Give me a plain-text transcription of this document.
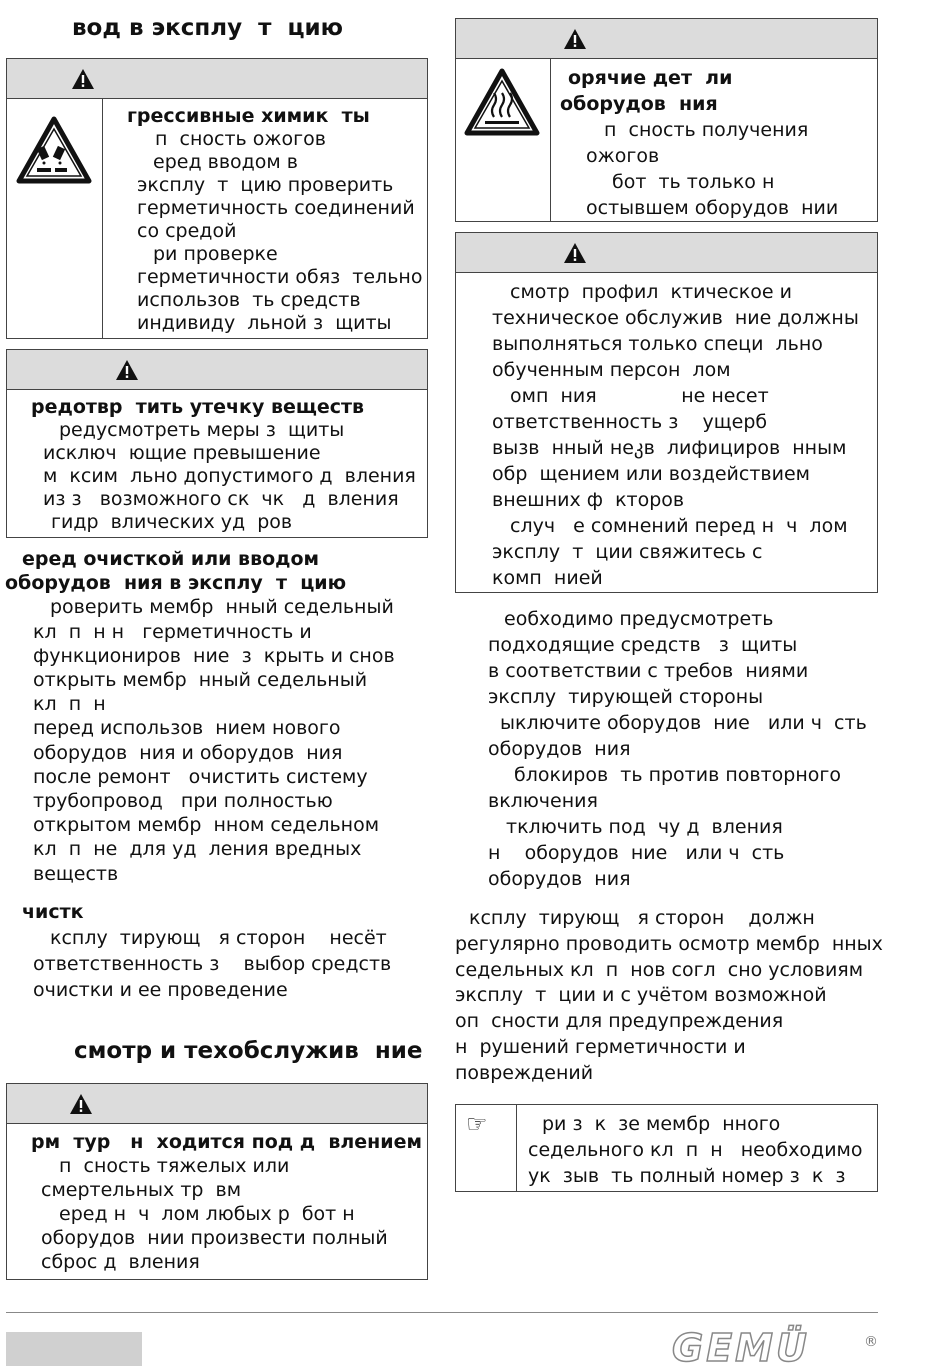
вод в эксплу  т  цию
грессивные химик  ты
п  сность ожогов
еред вводом в
эксплу  т  цию проверить
герметичность соединений
со средой
ри проверке
герметичности обяз  тельно
использов  ть средств
индивиду  льной з  щиты
редотвр  тить утечку веществ
редусмотреть меры з  щиты
исключ  ющие превышение
м  ксим  льно допустимого д  вления
из з   возможного ск  чк   д  вления
гидр  влических уд  ров
еред очисткой или вводом
оборудов  ния в эксплу  т  цию
роверить мембр  нный седельный
кл  п  н н   герметичность и
функциониров  ние  з  крыть и снов
открыть мембр  нный седельный
кл  п  н
перед использов  нием нового
оборудов  ния и оборудов  ния
после ремонт   очистить систему
трубопровод   при полностью
открытом мембр  нном седельном
кл  п  не  для уд  ления вредных
веществ
чистк
ксплу  тирующ   я сторон    несёт
ответственность з    выбор средств
очистки и ее проведение
смотр и техобслужив  ние
рм  тур   н  ходится под д  влением
п  сность тяжелых или
смертельных тр  вм
еред н  ч  лом любых р  бот н
оборудов  нии произвести полный
сброс д  вления
орячие дет  ли
оборудов  ния
п  сность получения
ожогов
бот  ть только н
остывшем оборудов  нии
смотр  профил  ктическое и
техническое обслужив  ние должны
выполняться только специ  льно
обученным персон  лом
омп  ния              не несет
ответственность з    ущерб
вызв  нный неკв  лифициров  нным
обр  щением или воздействием
внешних ф  кторов
случ   е сомнений перед н  ч  лом
эксплу  т  ции свяжитесь с
комп  нией
еобходимо предусмотреть
подходящие средств   з  щиты
в соответствии с требов  ниями
эксплу  тирующей стороны
ыключите оборудов  ние   или ч  сть
оборудов  ния
блокиров  ть против повторного
включения
тключить под  чу д  вления
н    оборудов  ние   или ч  сть
оборудов  ния
ксплу  тирующ   я сторон    должн
регулярно проводить осмотр мембр  нных
седельных кл  п  нов согл  сно условиям
эксплу  т  ции и с учётом возможной
оп  сности для предупреждения
н  рушений герметичности и
повреждений
☞	ри з  к  зе мембр  нного
седельного кл  п  н   необходимо
ук  зыв  ть полный номер з  к  з
GEMÜ	®
